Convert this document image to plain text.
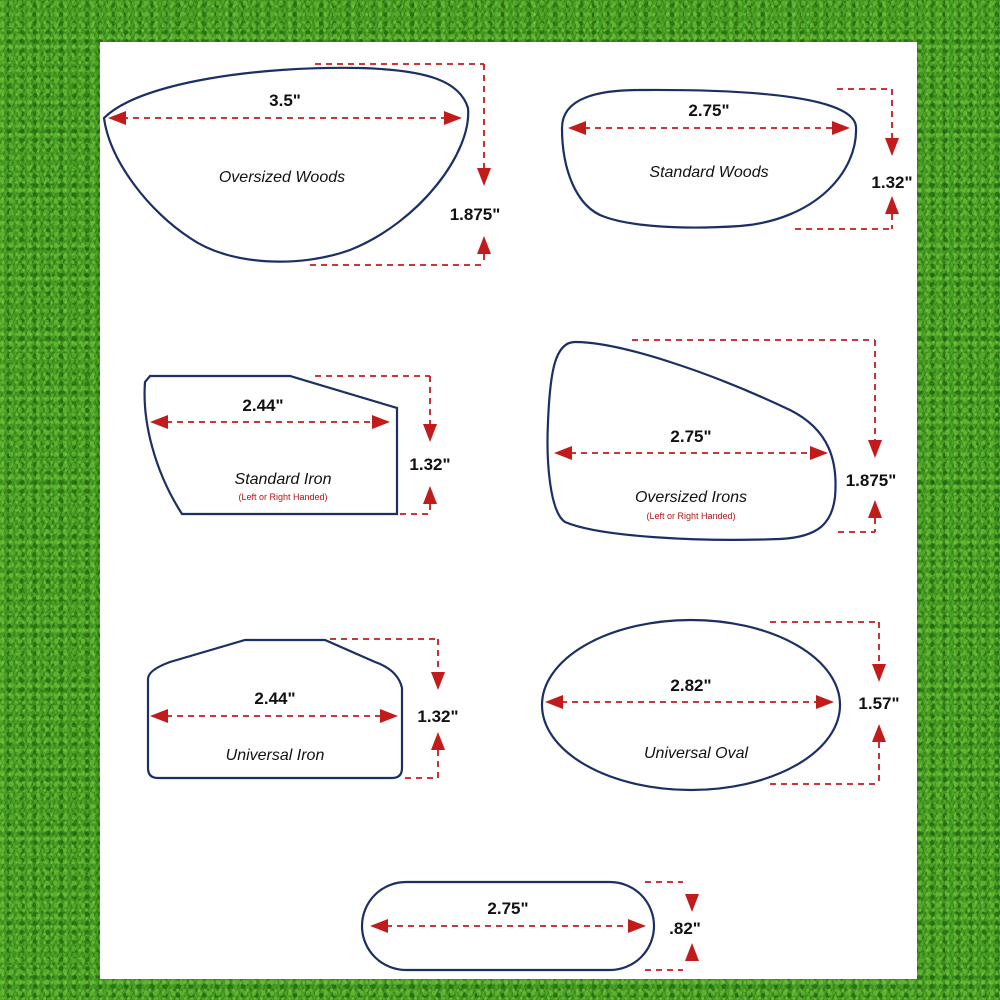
3.5"
Oversized Woods
1.875"
2.75"
Standard Woods
1.32"
2.44"
Standard Iron
(Left or Right Handed)
1.32"
2.75"
Oversized Irons
(Left or Right Handed)
1.875"
2.44"
Universal Iron
1.32"
2.82"
Universal Oval
1.57"
2.75"
.82"
